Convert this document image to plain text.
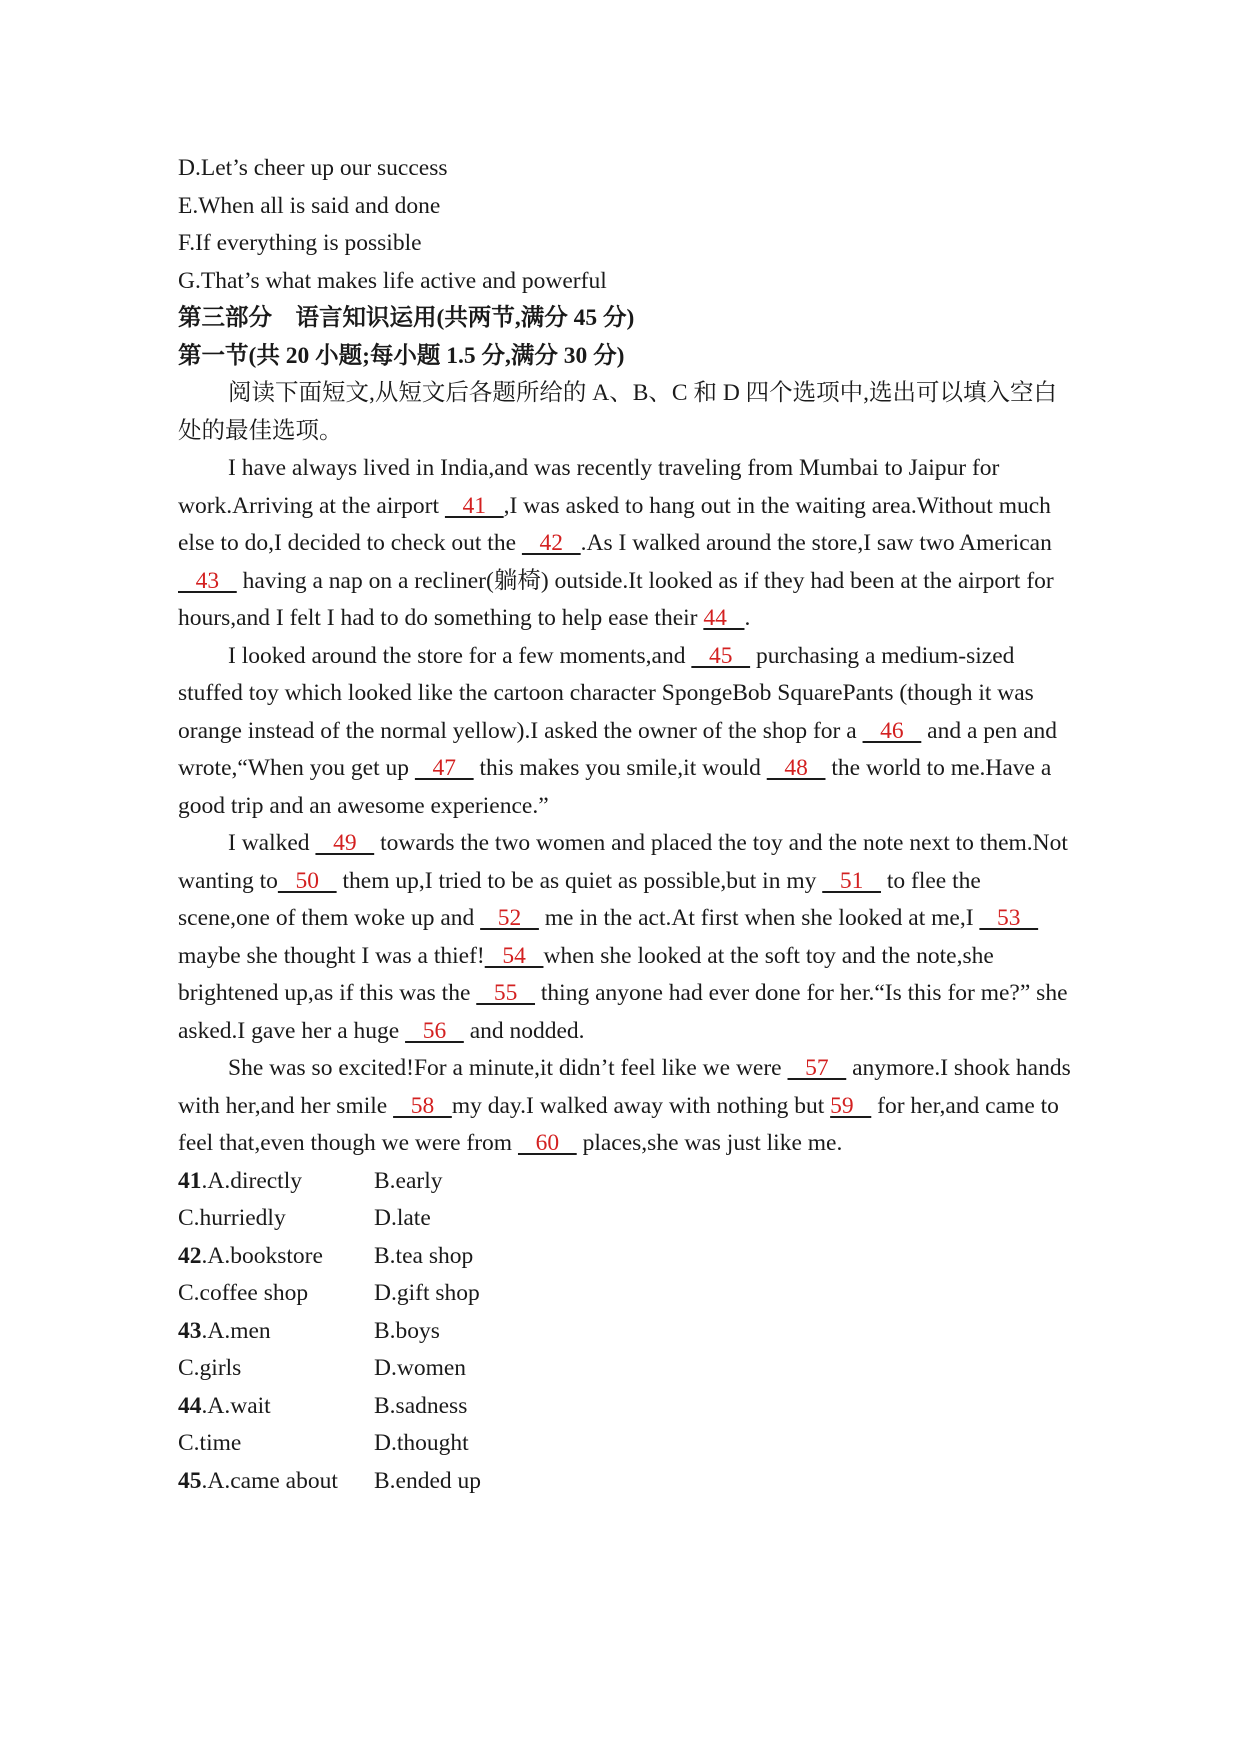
D.Let’s cheer up our success
E.When all is said and done
F.If everything is possible
G.That’s what makes life active and powerful
第三部分　语言知识运用(共两节,满分 45 分)
第一节(共 20 小题;每小题 1.5 分,满分 30 分)
阅读下面短文,从短文后各题所给的 A、B、C 和 D 四个选项中,选出可以填入空白处的最佳选项。
I have always lived in India,and was recently traveling from Mumbai to Jaipur for work.Arriving at the airport    41   ,I was asked to hang out in the waiting area.Without much else to do,I decided to check out the    42   .As I walked around the store,I saw two American    43    having a nap on a recliner(躺椅) outside.It looked as if they had been at the airport for hours,and I felt I had to do something to help ease their 44   .
I looked around the store for a few moments,and    45    purchasing a medium-sized stuffed toy which looked like the cartoon character SpongeBob SquarePants (though it was orange instead of the normal yellow).I asked the owner of the shop for a    46    and a pen and wrote,“When you get up    47    this makes you smile,it would    48    the world to me.Have a good trip and an awesome experience.”
I walked    49    towards the two women and placed the toy and the note next to them.Not wanting to   50    them up,I tried to be as quiet as possible,but in my    51    to flee the scene,one of them woke up and    52    me in the act.At first when she looked at me,I    53    maybe she thought I was a thief!   54   when she looked at the soft toy and the note,she brightened up,as if this was the    55    thing anyone had ever done for her.“Is this for me?” she asked.I gave her a huge    56    and nodded.
She was so excited!For a minute,it didn’t feel like we were    57    anymore.I shook hands with her,and her smile    58   my day.I walked away with nothing but 59    for her,and came to feel that,even though we were from    60    places,she was just like me.
41.A.directly	B.early
C.hurriedly	D.late
42.A.bookstore	B.tea shop
C.coffee shop	D.gift shop
43.A.men	B.boys
C.girls	D.women
44.A.wait	B.sadness
C.time	D.thought
45.A.came about	B.ended up
